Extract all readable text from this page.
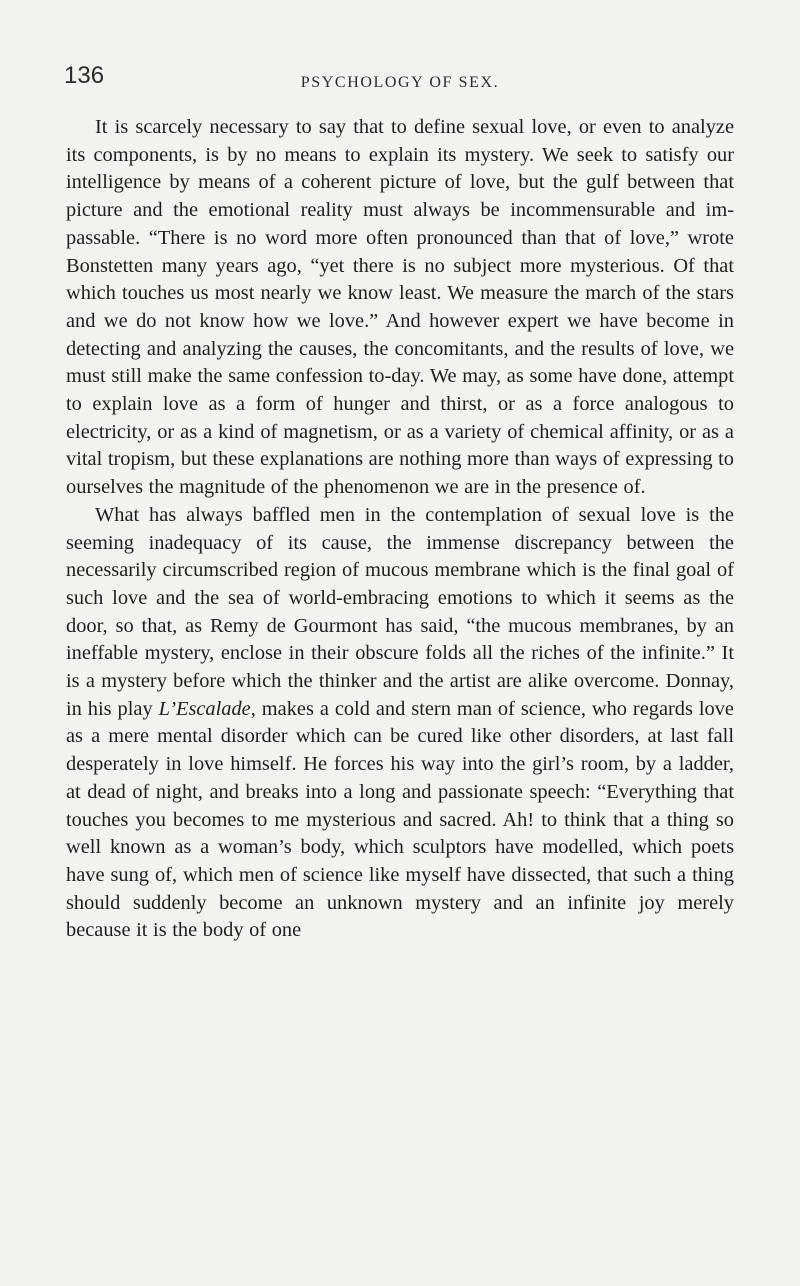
136	PSYCHOLOGY OF SEX.

It is scarcely necessary to say that to define sexual love, or even to analyze its components, is by no means to explain its mystery. We seek to satisfy our intelligence by means of a coherent picture of love, but the gulf between that picture and the emotional reality must always be incommensurable and impassable. “There is no word more often pronounced than that of love,” wrote Bonstetten many years ago, “yet there is no subject more mysterious. Of that which touches us most nearly we know least. We measure the march of the stars and we do not know how we love.” And however expert we have become in detecting and analyzing the causes, the concomitants, and the results of love, we must still make the same confession to-day. We may, as some have done, attempt to explain love as a form of hunger and thirst, or as a force analogous to electricity, or as a kind of magnetism, or as a variety of chemical affinity, or as a vital tropism, but these explanations are nothing more than ways of expressing to ourselves the magnitude of the phenomenon we are in the presence of.

What has always baffled men in the contemplation of sexual love is the seeming inadequacy of its cause, the immense discrepancy between the necessarily circumscribed region of mucous membrane which is the final goal of such love and the sea of world-embracing emotions to which it seems as the door, so that, as Remy de Gourmont has said, “the mucous membranes, by an ineffable mystery, enclose in their obscure folds all the riches of the infinite.” It is a mystery before which the thinker and the artist are alike overcome. Donnay, in his play L’Escalade, makes a cold and stern man of science, who regards love as a mere mental disorder which can be cured like other disorders, at last fall desperately in love himself. He forces his way into the girl’s room, by a ladder, at dead of night, and breaks into a long and passionate speech: “Everything that touches you becomes to me mysterious and sacred. Ah! to think that a thing so well known as a woman’s body, which sculptors have modelled, which poets have sung of, which men of science like myself have dissected, that such a thing should suddenly become an unknown mystery and an infinite joy merely because it is the body of one
